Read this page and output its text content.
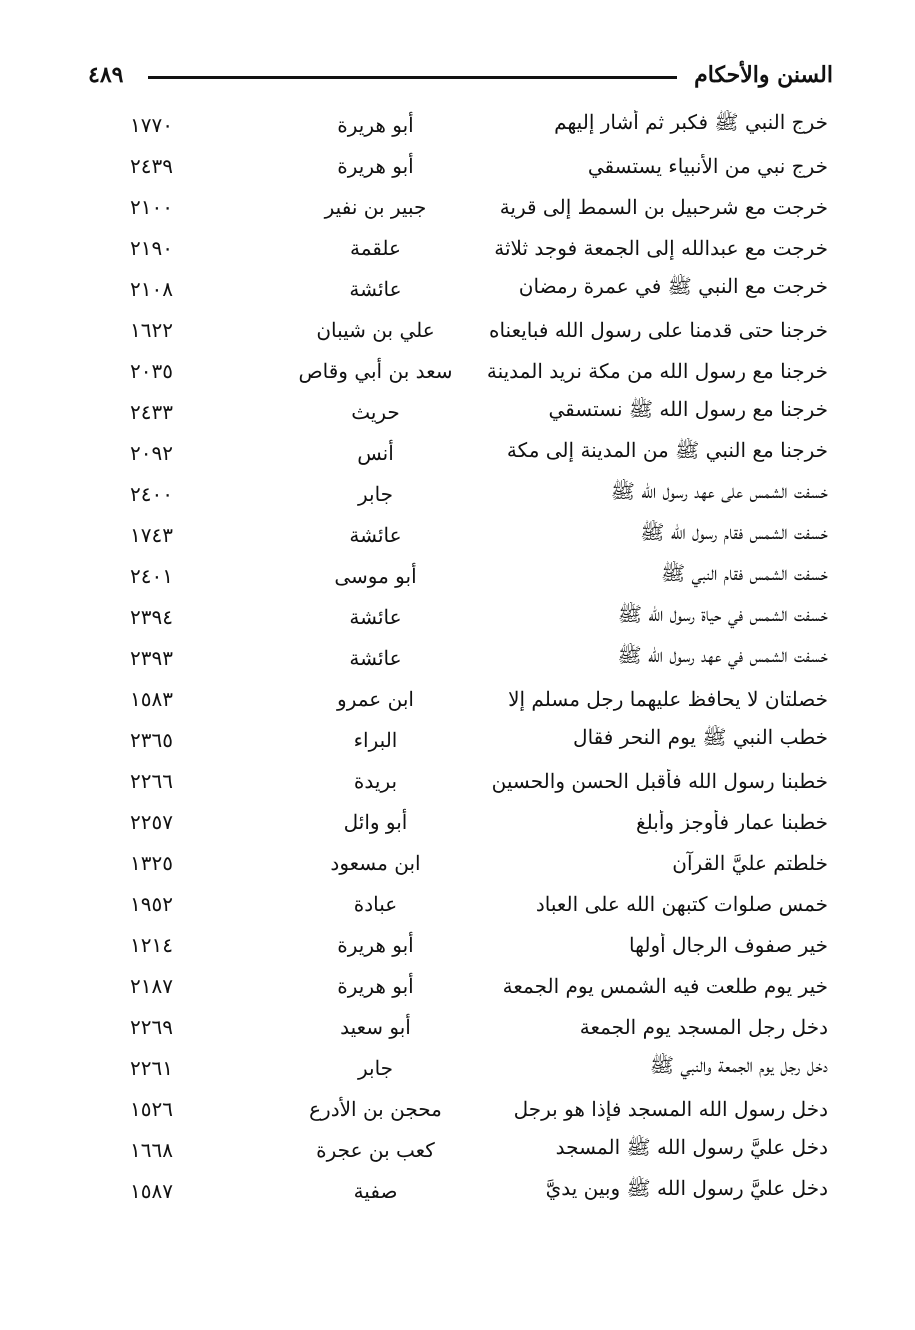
السنن والأحكام
٤٨٩
خرج النبي ﷺ فكبر ثم أشار إليهم
أبو هريرة
١٧٧٠
خرج نبي من الأنبياء يستسقي
أبو هريرة
٢٤٣٩
خرجت مع شرحبيل بن السمط إلى قرية
جبير بن نفير
٢١٠٠
خرجت مع عبدالله إلى الجمعة فوجد ثلاثة
علقمة
٢١٩٠
خرجت مع النبي ﷺ في عمرة رمضان
عائشة
٢١٠٨
خرجنا حتى قدمنا على رسول الله فبايعناه
علي بن شيبان
١٦٢٢
خرجنا مع رسول الله من مكة نريد المدينة
سعد بن أبي وقاص
٢٠٣٥
خرجنا مع رسول الله ﷺ نستسقي
حريث
٢٤٣٣
خرجنا مع النبي ﷺ من المدينة إلى مكة
أنس
٢٠٩٢
خسفت الشمس على عهد رسول الله ﷺ
جابر
٢٤٠٠
خسفت الشمس فقام رسول الله ﷺ
عائشة
١٧٤٣
خسفت الشمس فقام النبي ﷺ
أبو موسى
٢٤٠١
خسفت الشمس في حياة رسول الله ﷺ
عائشة
٢٣٩٤
خسفت الشمس في عهد رسول الله ﷺ
عائشة
٢٣٩٣
خصلتان لا يحافظ عليهما رجل مسلم إلا
ابن عمرو
١٥٨٣
خطب النبي ﷺ يوم النحر فقال
البراء
٢٣٦٥
خطبنا رسول الله فأقبل الحسن والحسين
بريدة
٢٢٦٦
خطبنا عمار فأوجز وأبلغ
أبو وائل
٢٢٥٧
خلطتم عليَّ القرآن
ابن مسعود
١٣٢٥
خمس صلوات كتبهن الله على العباد
عبادة
١٩٥٢
خير صفوف الرجال أولها
أبو هريرة
١٢١٤
خير يوم طلعت فيه الشمس يوم الجمعة
أبو هريرة
٢١٨٧
دخل رجل المسجد يوم الجمعة
أبو سعيد
٢٢٦٩
دخل رجل يوم الجمعة والنبي ﷺ
جابر
٢٢٦١
دخل رسول الله المسجد فإذا هو برجل
محجن بن الأدرع
١٥٢٦
دخل عليَّ رسول الله ﷺ المسجد
كعب بن عجرة
١٦٦٨
دخل عليَّ رسول الله ﷺ وبين يديَّ
صفية
١٥٨٧
